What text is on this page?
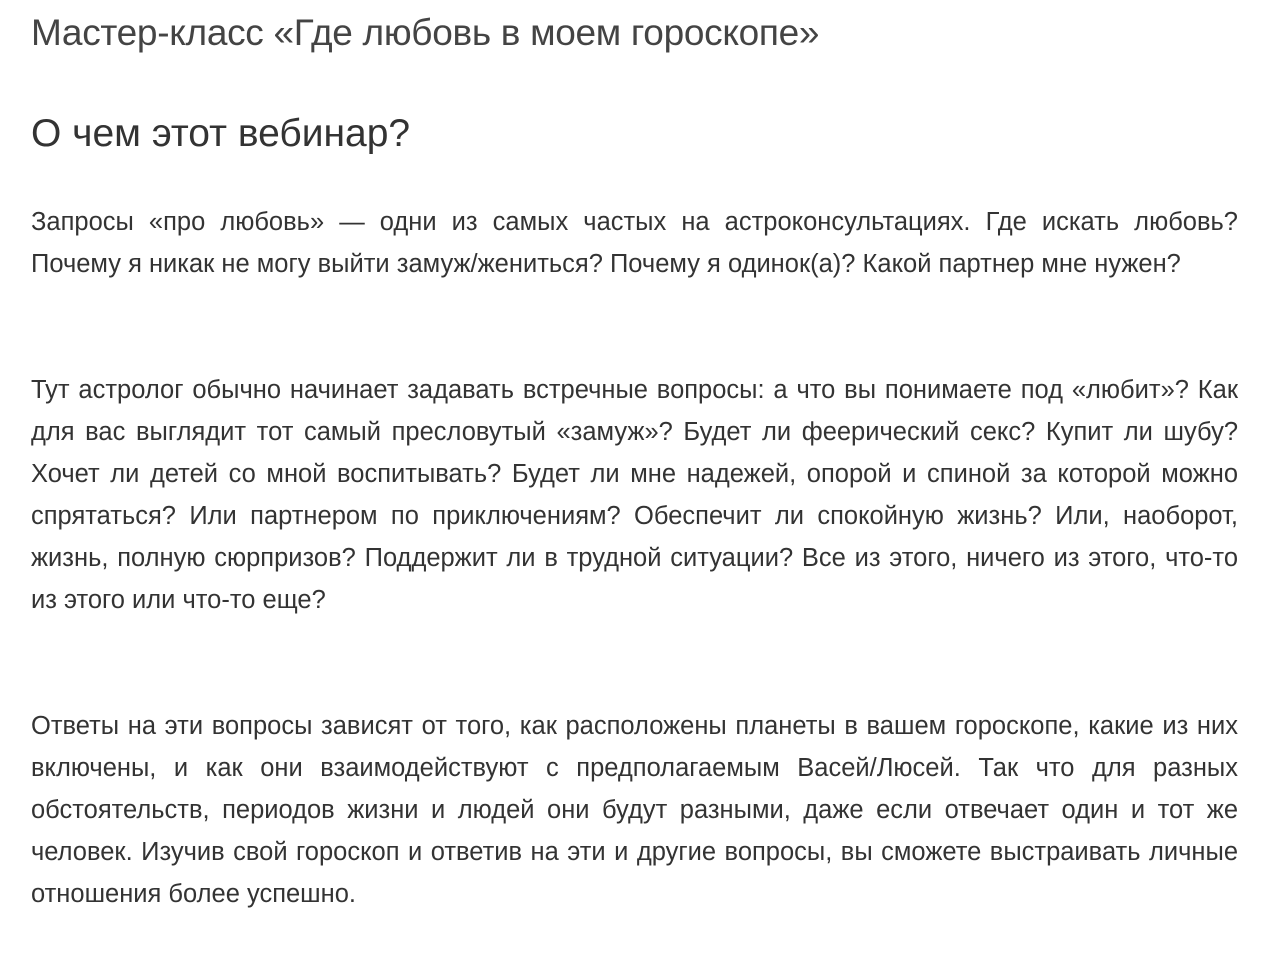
Мастер-класс «Где любовь в моем гороскопе»
О чем этот вебинар?

Запросы «про любовь» — одни из самых частых на астроконсультациях. Где искать любовь? Почему я никак не могу выйти замуж/жениться? Почему я одинок(а)? Какой партнер мне нужен?

Тут астролог обычно начинает задавать встречные вопросы: а что вы понимаете под «любит»? Как для вас выглядит тот самый пресловутый «замуж»? Будет ли феерический секс? Купит ли шубу? Хочет ли детей со мной воспитывать? Будет ли мне надежей, опорой и спиной за которой можно спрятаться? Или партнером по приключениям? Обеспечит ли спокойную жизнь? Или, наоборот, жизнь, полную сюрпризов? Поддержит ли в трудной ситуации? Все из этого, ничего из этого, что-то из этого или что-то еще?

Ответы на эти вопросы зависят от того, как расположены планеты в вашем гороскопе, какие из них включены, и как они взаимодействуют с предполагаемым Васей/Люсей. Так что для разных обстоятельств, периодов жизни и людей они будут разными, даже если отвечает один и тот же человек. Изучив свой гороскоп и ответив на эти и другие вопросы, вы сможете выстраивать личные отношения более успешно.
